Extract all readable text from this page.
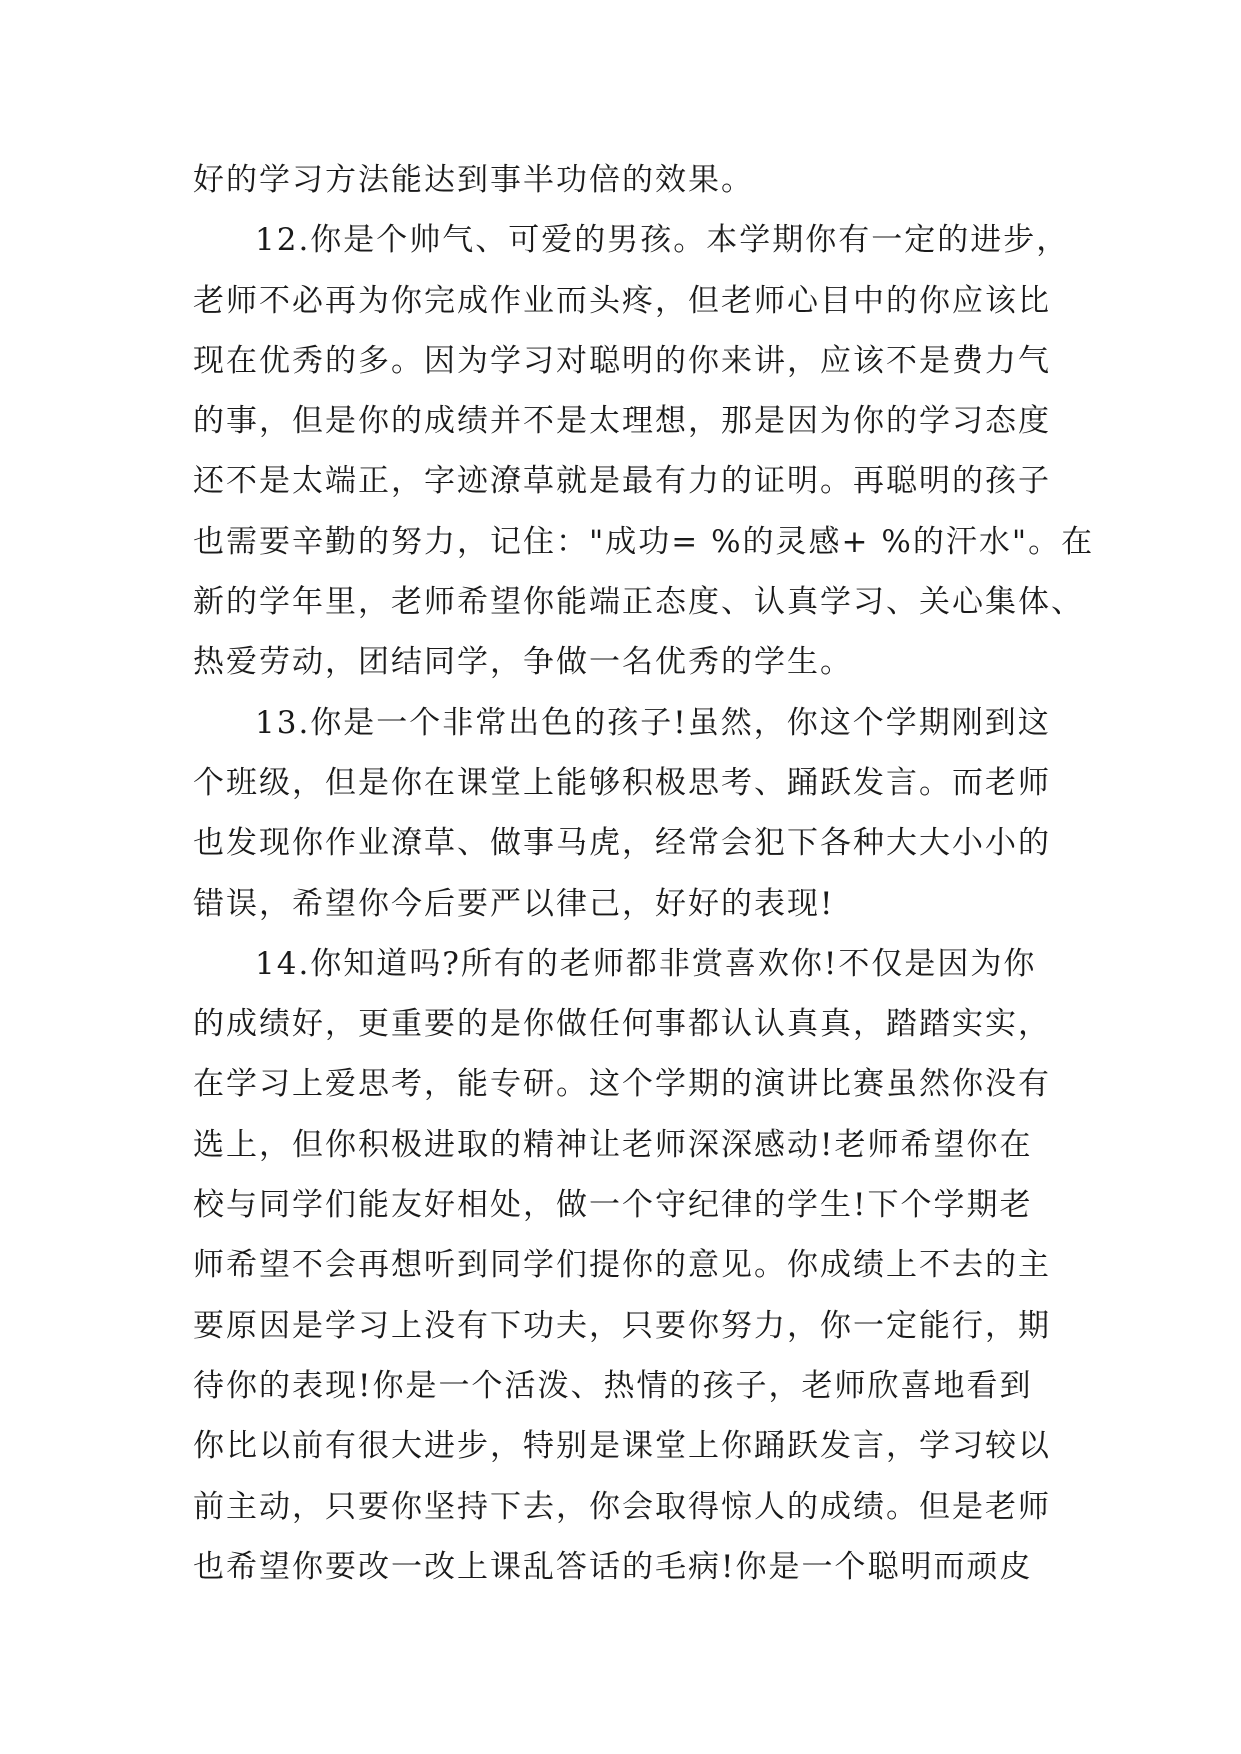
好的学习方法能达到事半功倍的效果。
12.你是个帅气、可爱的男孩。本学期你有一定的进步，
老师不必再为你完成作业而头疼，但老师心目中的你应该比
现在优秀的多。因为学习对聪明的你来讲，应该不是费力气
的事，但是你的成绩并不是太理想，那是因为你的学习态度
还不是太端正，字迹潦草就是最有力的证明。再聪明的孩子
也需要辛勤的努力，记住："成功= %的灵感+ %的汗水"。在
新的学年里，老师希望你能端正态度、认真学习、关心集体、
热爱劳动，团结同学，争做一名优秀的学生。
13.你是一个非常出色的孩子!虽然，你这个学期刚到这
个班级，但是你在课堂上能够积极思考、踊跃发言。而老师
也发现你作业潦草、做事马虎，经常会犯下各种大大小小的
错误，希望你今后要严以律己，好好的表现!
14.你知道吗?所有的老师都非赏喜欢你!不仅是因为你
的成绩好，更重要的是你做任何事都认认真真，踏踏实实，
在学习上爱思考，能专研。这个学期的演讲比赛虽然你没有
选上，但你积极进取的精神让老师深深感动!老师希望你在
校与同学们能友好相处，做一个守纪律的学生!下个学期老
师希望不会再想听到同学们提你的意见。你成绩上不去的主
要原因是学习上没有下功夫，只要你努力，你一定能行，期
待你的表现!你是一个活泼、热情的孩子，老师欣喜地看到
你比以前有很大进步，特别是课堂上你踊跃发言，学习较以
前主动，只要你坚持下去，你会取得惊人的成绩。但是老师
也希望你要改一改上课乱答话的毛病!你是一个聪明而顽皮
